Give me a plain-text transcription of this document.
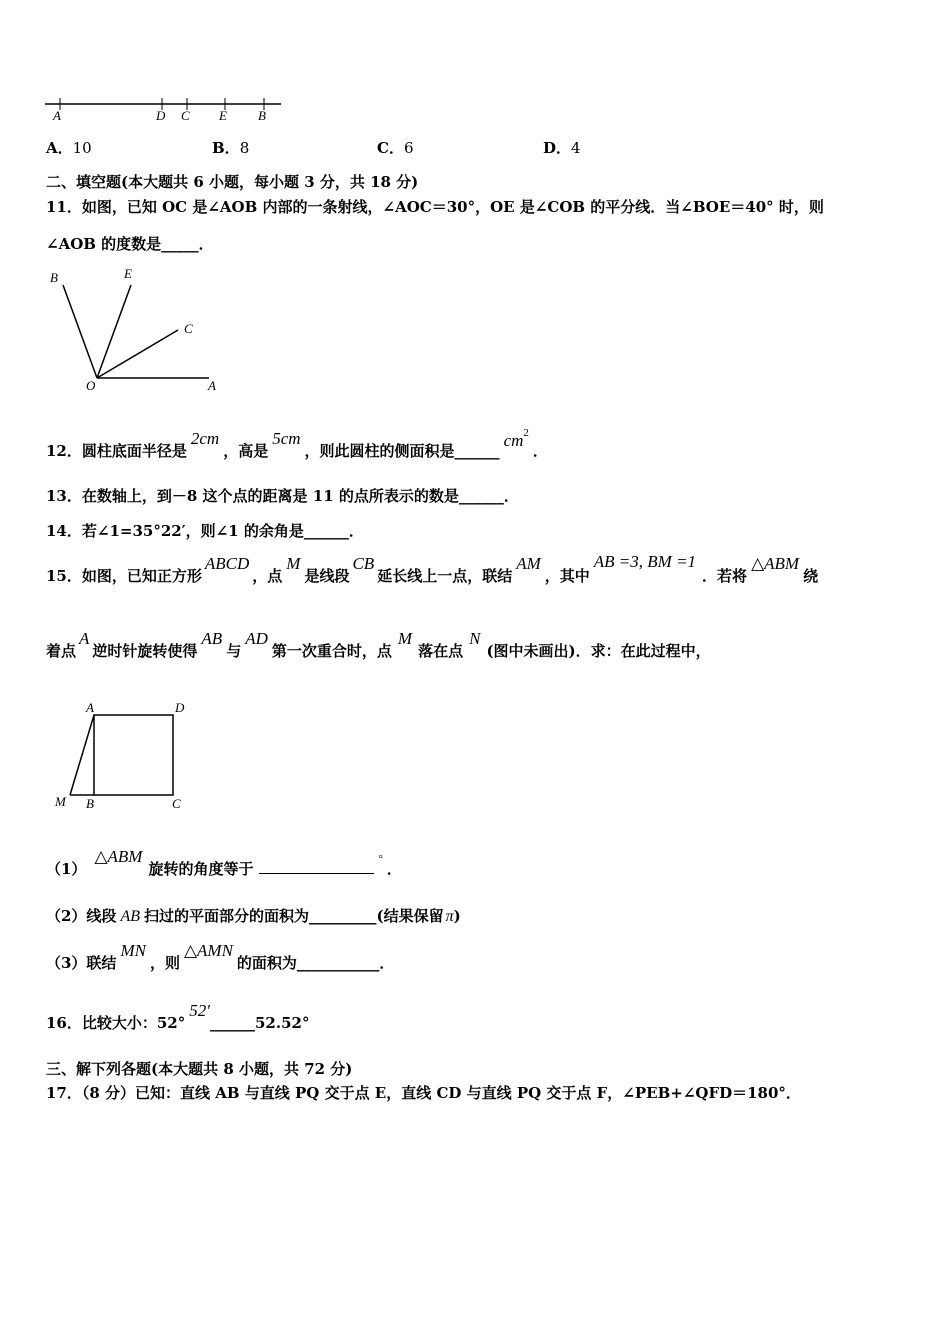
A	D C E B
A．10	B．8	C．6	D．4
二、填空题(本大题共 6 小题，每小题 3 分，共 18 分)
11．如图，已知 OC 是∠AOB 内部的一条射线，∠AOC＝30°，OE 是∠COB 的平分线．当∠BOE＝40° 时，则
∠AOB 的度数是_____．
B	E
C
O	A
12．圆柱底面半径是2cm，高是5cm，则此圆柱的侧面积是$\_\_\_\_\_\_cm^2$．
13．在数轴上，到－8 这个点的距离是 11 的点所表示的数是______．
14．若∠1=35°22′，则∠1 的余角是______．
15．如图，已知正方形ABCD，点M是线段CB延长线上一点，联结AM，其中AB =3, BM =1．若将△ABM绕
着点A逆时针旋转使得AB与AD第一次重合时，点M落在点N(图中未画出)．求：在此过程中，
A	D
M B	C
（1）△ABM旋转的角度等于°．
（2）线段 AB 扫过的平面部分的面积为_________(结果保留 π)
（3）联结MN，则△AMN的面积为___________．
16．比较大小：52°52′______52.52°
三、解下列各题(本大题共 8 小题，共 72 分)
17．（8 分）已知：直线 AB 与直线 PQ 交于点 E，直线 CD 与直线 PQ 交于点 F，∠PEB+∠QFD＝180°．
